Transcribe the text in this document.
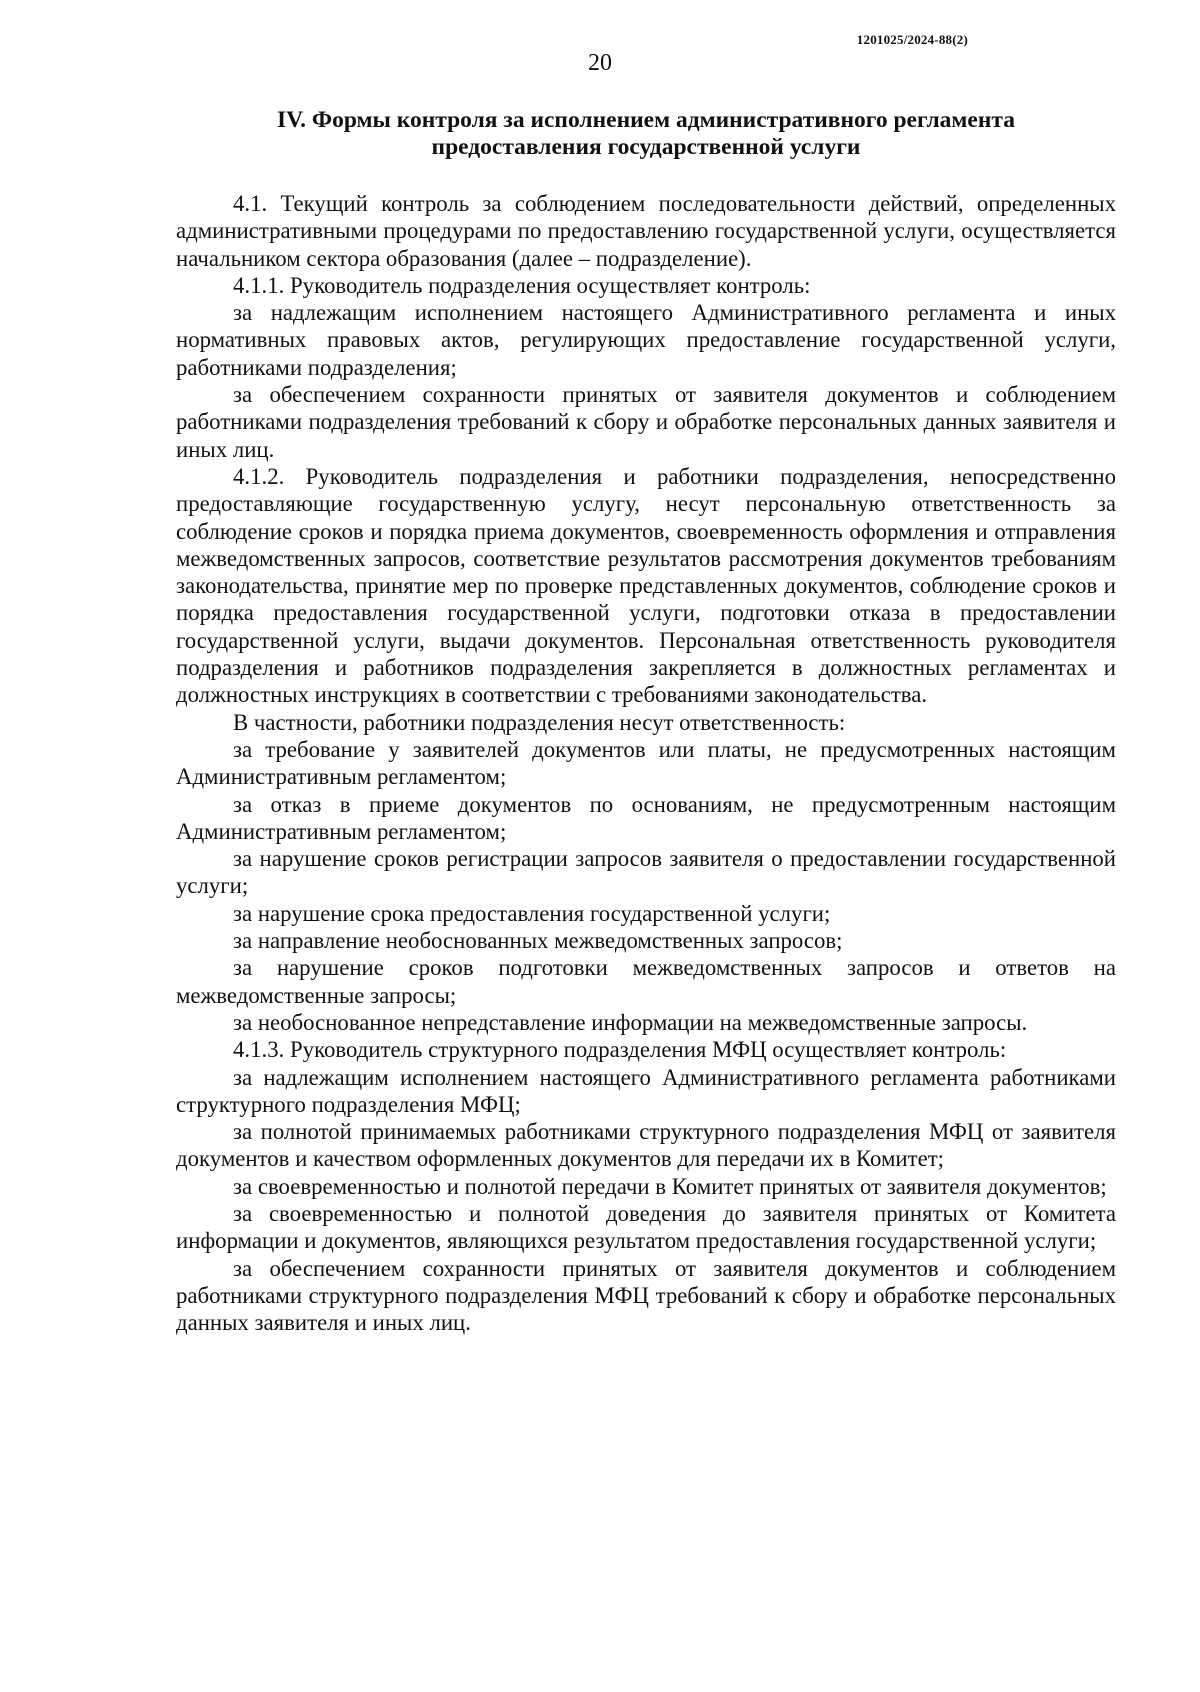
1201025/2024-88(2)
20
IV. Формы контроля за исполнением административного регламента
предоставления государственной услуги

4.1. Текущий контроль за соблюдением последовательности действий, определенных административными процедурами по предоставлению государственной услуги, осуществляется начальником сектора образования (далее – подразделение).

4.1.1. Руководитель подразделения осуществляет контроль:

за надлежащим исполнением настоящего Административного регламента и иных нормативных правовых актов, регулирующих предоставление государственной услуги, работниками подразделения;

за обеспечением сохранности принятых от заявителя документов и соблюдением работниками подразделения требований к сбору и обработке персональных данных заявителя и иных лиц.

4.1.2. Руководитель подразделения и работники подразделения, непосредственно предоставляющие государственную услугу, несут персональную ответственность за соблюдение сроков и порядка приема документов, своевременность оформления и отправления межведомственных запросов, соответствие результатов рассмотрения документов требованиям законодательства, принятие мер по проверке представленных документов, соблюдение сроков и порядка предоставления государственной услуги, подготовки отказа в предоставлении государственной услуги, выдачи документов. Персональная ответственность руководителя подразделения и работников подразделения закрепляется в должностных регламентах и должностных инструкциях в соответствии с требованиями законодательства.

В частности, работники подразделения несут ответственность:

за требование у заявителей документов или платы, не предусмотренных настоящим Административным регламентом;

за отказ в приеме документов по основаниям, не предусмотренным настоящим Административным регламентом;

за нарушение сроков регистрации запросов заявителя о предоставлении государственной услуги;

за нарушение срока предоставления государственной услуги;

за направление необоснованных межведомственных запросов;

за нарушение сроков подготовки межведомственных запросов и ответов на межведомственные запросы;

за необоснованное непредставление информации на межведомственные запросы.

4.1.3. Руководитель структурного подразделения МФЦ осуществляет контроль:

за надлежащим исполнением настоящего Административного регламента работниками структурного подразделения МФЦ;

за полнотой принимаемых работниками структурного подразделения МФЦ от заявителя документов и качеством оформленных документов для передачи их в Комитет;

за своевременностью и полнотой передачи в Комитет принятых от заявителя документов;

за своевременностью и полнотой доведения до заявителя принятых от Комитета информации и документов, являющихся результатом предоставления государственной услуги;

за обеспечением сохранности принятых от заявителя документов и соблюдением работниками структурного подразделения МФЦ требований к сбору и обработке персональных данных заявителя и иных лиц.
